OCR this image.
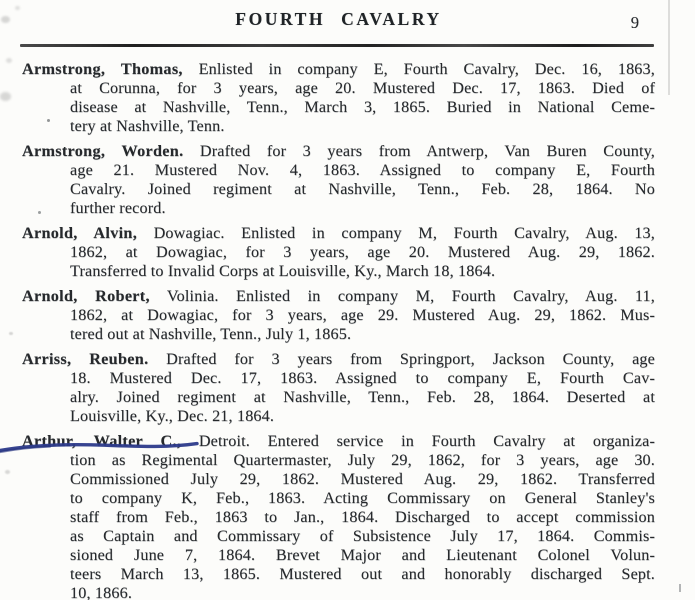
FOURTH CAVALRY	9
Armstrong, Thomas, Enlisted in company E, Fourth Cavalry, Dec. 16, 1863,
at Corunna, for 3 years, age 20. Mustered Dec. 17, 1863. Died of
disease at Nashville, Tenn., March 3, 1865. Buried in National Ceme-
tery at Nashville, Tenn.
Armstrong, Worden. Drafted for 3 years from Antwerp, Van Buren County,
age 21. Mustered Nov. 4, 1863. Assigned to company E, Fourth
Cavalry. Joined regiment at Nashville, Tenn., Feb. 28, 1864. No
further record.
Arnold, Alvin, Dowagiac. Enlisted in company M, Fourth Cavalry, Aug. 13,
1862, at Dowagiac, for 3 years, age 20. Mustered Aug. 29, 1862.
Transferred to Invalid Corps at Louisville, Ky., March 18, 1864.
Arnold, Robert, Volinia. Enlisted in company M, Fourth Cavalry, Aug. 11,
1862, at Dowagiac, for 3 years, age 29. Mustered Aug. 29, 1862. Mus-
tered out at Nashville, Tenn., July 1, 1865.
Arriss, Reuben. Drafted for 3 years from Springport, Jackson County, age
18. Mustered Dec. 17, 1863. Assigned to company E, Fourth Cav-
alry. Joined regiment at Nashville, Tenn., Feb. 28, 1864. Deserted at
Louisville, Ky., Dec. 21, 1864.
Arthur, Walter C., Detroit. Entered service in Fourth Cavalry at organiza-
tion as Regimental Quartermaster, July 29, 1862, for 3 years, age 30.
Commissioned July 29, 1862. Mustered Aug. 29, 1862. Transferred
to company K, Feb., 1863. Acting Commissary on General Stanley's
staff from Feb., 1863 to Jan., 1864. Discharged to accept commission
as Captain and Commissary of Subsistence July 17, 1864. Commis-
sioned June 7, 1864. Brevet Major and Lieutenant Colonel Volun-
teers March 13, 1865. Mustered out and honorably discharged Sept.
10, 1866.
